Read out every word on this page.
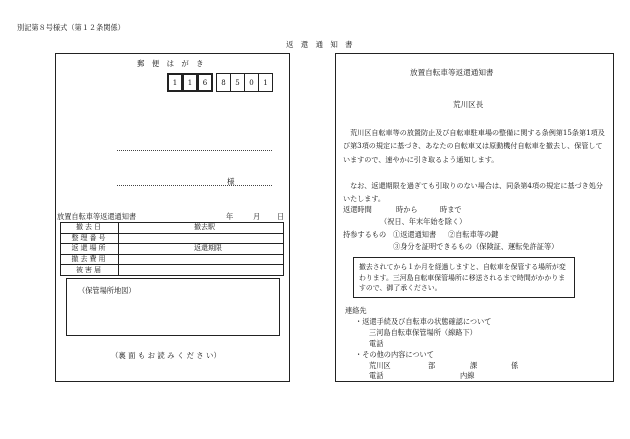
別記第８号様式（第１２条関係）
返　還　通　知　書
郵　便　は　が　き
1	1	6	8	5	0	1
様
放置自転車等返還通知書	年	月 日
撤去日	撤去駅
整理番号	
返還場所	返還期限
撤去費用	
被害届	
（保管場所地図）
（裏 面 も お 読 み く だ さ い）
放置自転車等返還通知書
荒川区長
　荒川区自転車等の放置防止及び自転車駐車場の整備に関する条例第15条第1項及び第3項の規定に基づき、あなたの自転車又は原動機付自転車を撤去し、保管していますので、速やかに引き取るよう通知します。
　なお、返還期限を過ぎても引取りのない場合は、同条第4項の規定に基づき処分いたします。
返還時間	時から	時まで
（祝日、年末年始を除く）
持参するもの ①返還通知書 ②自転車等の鍵
③身分を証明できるもの（保険証、運転免許証等）
撤去されてから１か月を経過しますと、自転車を保管する場所が変わります。三河島自転車保管場所に移送されるまで時間がかかりますので、御了承ください。
連絡先
・返還手続及び自転車の状態確認について
三河島自転車保管場所（線路下）
電話
・その他の内容について
荒川区	部	課	係
電話	内線
